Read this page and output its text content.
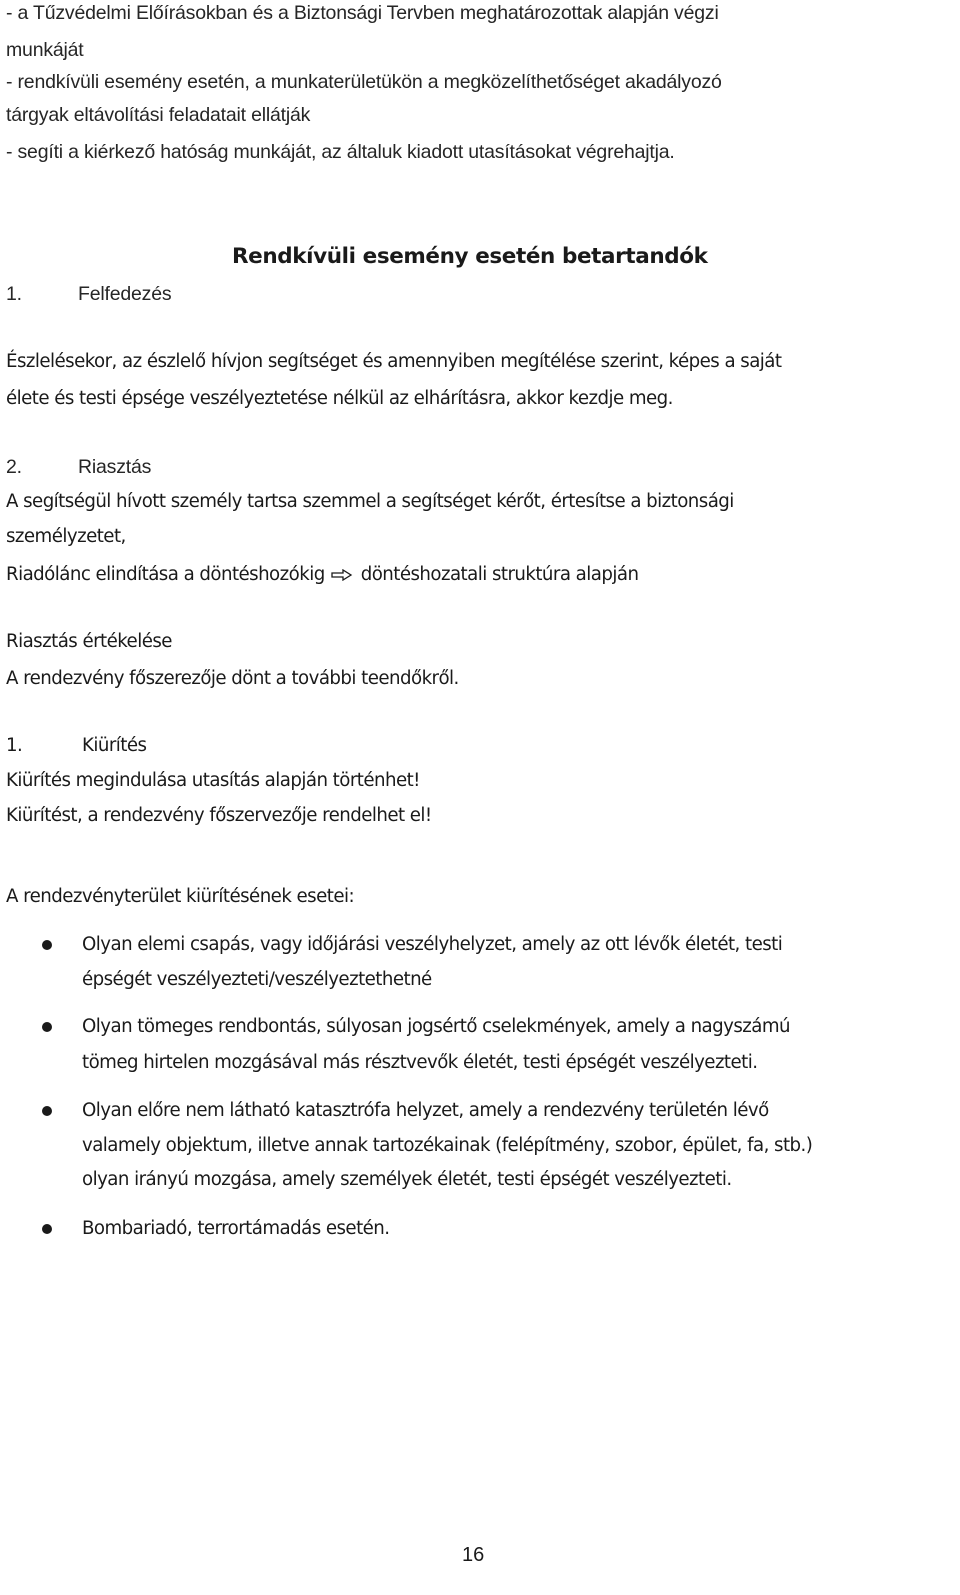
- a Tűzvédelmi Előírásokban és a Biztonsági Tervben meghatározottak alapján végzi
munkáját
- rendkívüli esemény esetén, a munkaterületükön a megközelíthetőséget akadályozó
tárgyak eltávolítási feladatait ellátják
- segíti a kiérkező hatóság munkáját, az általuk kiadott utasításokat végrehajtja.
Rendkívüli esemény esetén betartandók
1.	Felfedezés
Észlelésekor, az észlelő hívjon segítséget és amennyiben megítélése szerint, képes a saját
élete és testi épsége veszélyeztetése nélkül az elhárításra, akkor kezdje meg.
2.	Riasztás
A segítségül hívott személy tartsa szemmel a segítséget kérőt, értesítse a biztonsági
személyzetet,
Riadólánc elindítása a döntéshozókig döntéshozatali struktúra alapján
Riasztás értékelése
A rendezvény főszerezője dönt a további teendőkről.
1.	Kiürítés
Kiürítés megindulása utasítás alapján történhet!
Kiürítést, a rendezvény főszervezője rendelhet el!
A rendezvényterület kiürítésének esetei:
Olyan elemi csapás, vagy időjárási veszélyhelyzet, amely az ott lévők életét, testi
épségét veszélyezteti/veszélyeztethetné
Olyan tömeges rendbontás, súlyosan jogsértő cselekmények, amely a nagyszámú
tömeg hirtelen mozgásával más résztvevők életét, testi épségét veszélyezteti.
Olyan előre nem látható katasztrófa helyzet, amely a rendezvény területén lévő
valamely objektum, illetve annak tartozékainak (felépítmény, szobor, épület, fa, stb.)
olyan irányú mozgása, amely személyek életét, testi épségét veszélyezteti.
Bombariadó, terrortámadás esetén.
16
